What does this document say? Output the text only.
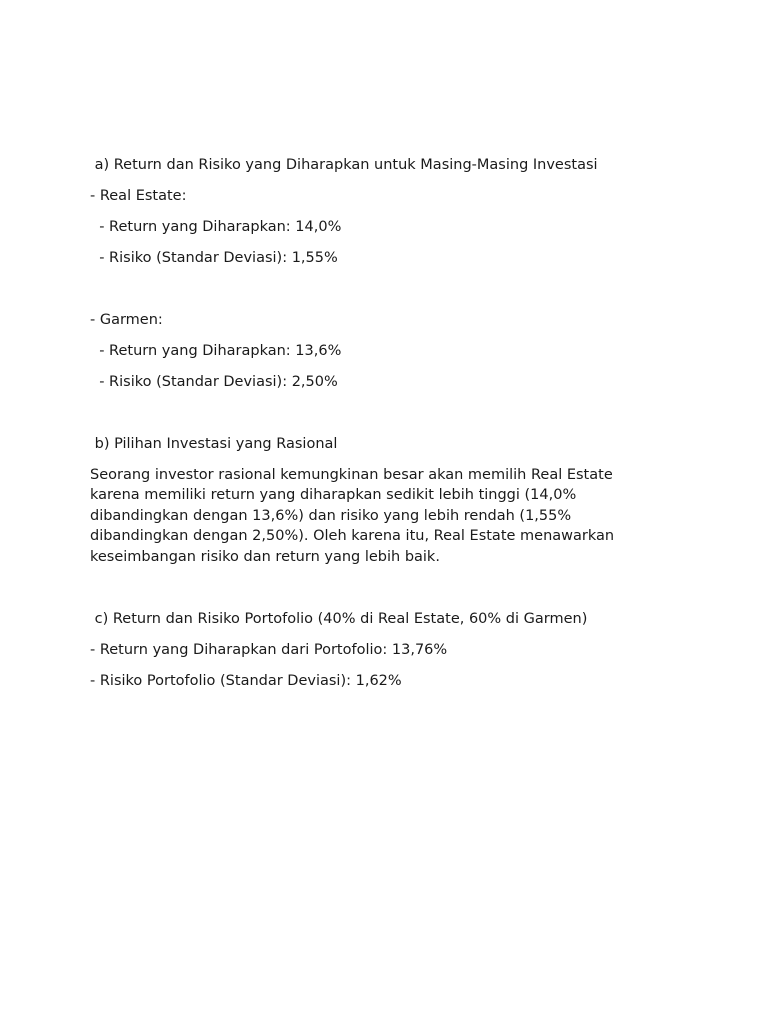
a) Return dan Risiko yang Diharapkan untuk Masing-Masing Investasi

- Real Estate:

- Return yang Diharapkan: 14,0%

- Risiko (Standar Deviasi): 1,55%

- Garmen:

- Return yang Diharapkan: 13,6%

- Risiko (Standar Deviasi): 2,50%

b) Pilihan Investasi yang Rasional

Seorang investor rasional kemungkinan besar akan memilih Real Estate karena memiliki return yang diharapkan sedikit lebih tinggi (14,0% dibandingkan dengan 13,6%) dan risiko yang lebih rendah (1,55% dibandingkan dengan 2,50%). Oleh karena itu, Real Estate menawarkan keseimbangan risiko dan return yang lebih baik.

c) Return dan Risiko Portofolio (40% di Real Estate, 60% di Garmen)

- Return yang Diharapkan dari Portofolio: 13,76%

- Risiko Portofolio (Standar Deviasi): 1,62%
